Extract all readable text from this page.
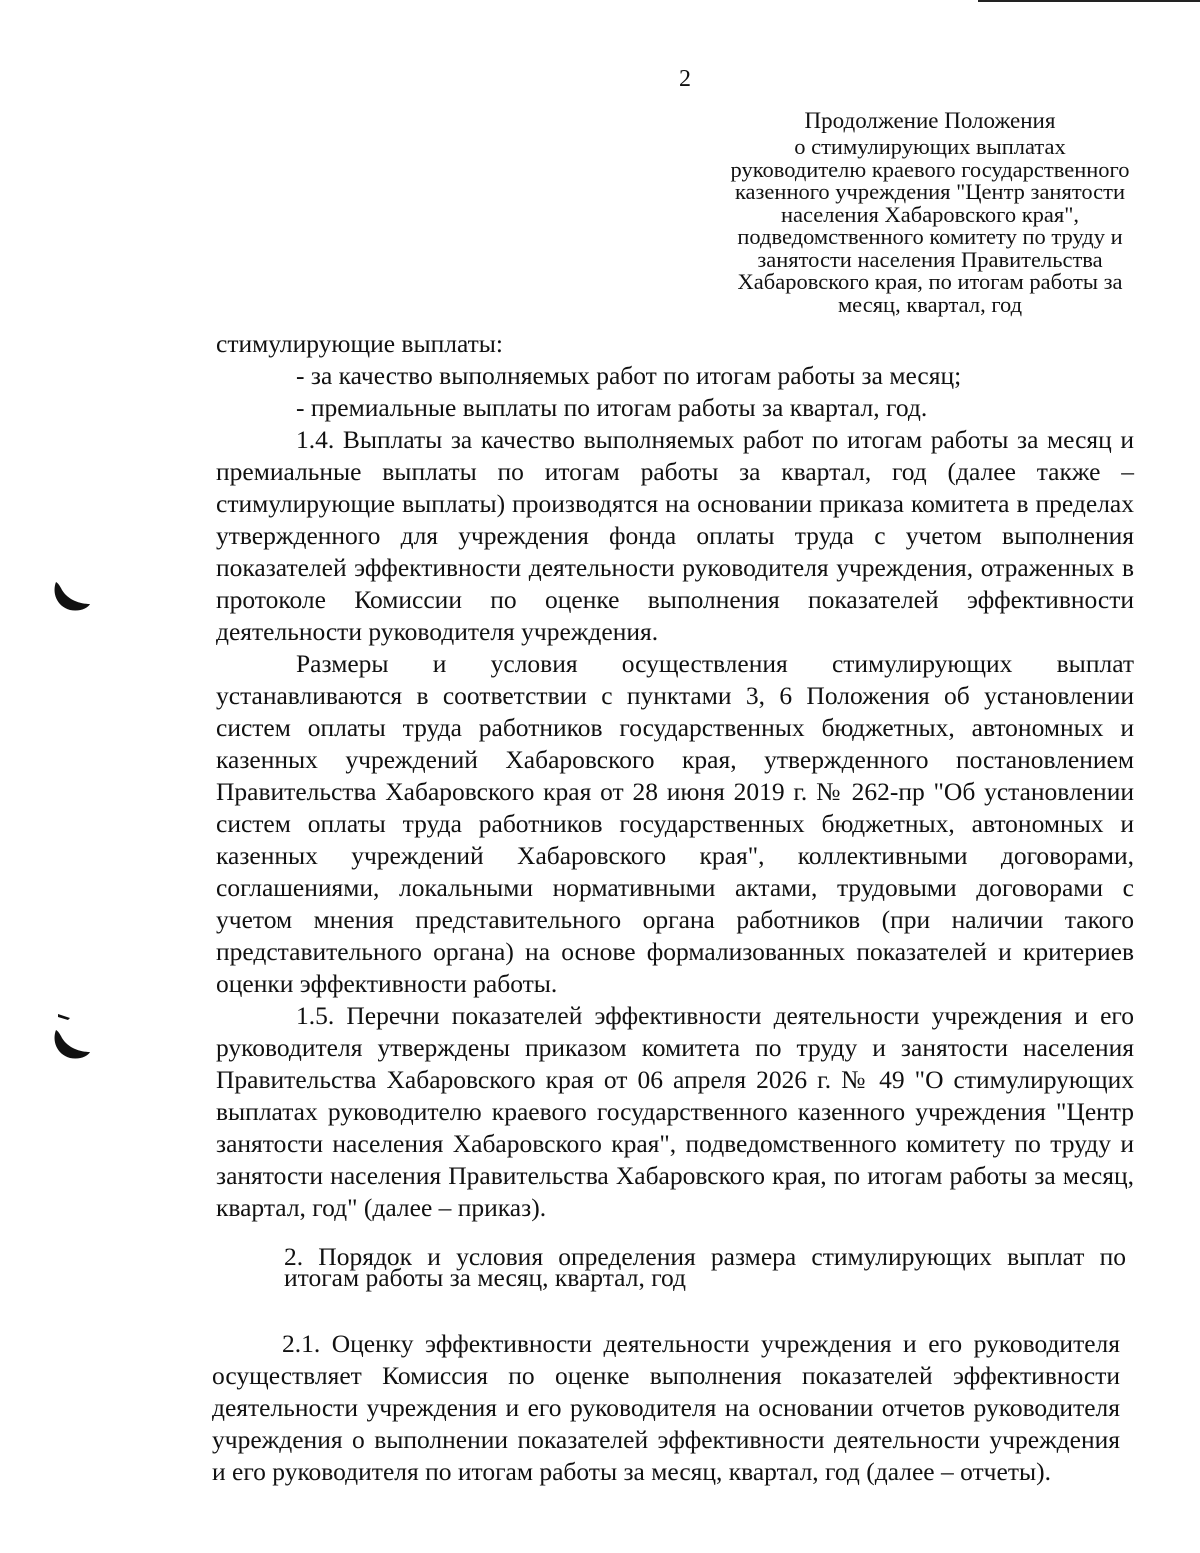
2
Продолжение Положения
о стимулирующих выплатах
руководителю краевого государственного
казенного учреждения "Центр занятости
населения Хабаровского края",
подведомственного комитету по труду и
занятости населения Правительства
Хабаровского края, по итогам работы за
месяц, квартал, год

стимулирующие выплаты:

- за качество выполняемых работ по итогам работы за месяц;

- премиальные выплаты по итогам работы за квартал, год.

1.4. Выплаты за качество выполняемых работ по итогам работы за месяц и премиальные выплаты по итогам работы за квартал, год (далее также – стимулирующие выплаты) производятся на основании приказа комитета в пределах утвержденного для учреждения фонда оплаты труда с учетом выполнения показателей эффективности деятельности руководителя учреждения, отраженных в протоколе Комиссии по оценке выполнения показателей эффективности деятельности руководителя учреждения.

Размеры и условия осуществления стимулирующих выплат устанавливаются в соответствии с пунктами 3, 6 Положения об установлении систем оплаты труда работников государственных бюджетных, автономных и казенных учреждений Хабаровского края, утвержденного постановлением Правительства Хабаровского края от 28 июня 2019 г. № 262-пр "Об установлении систем оплаты труда работников государственных бюджетных, автономных и казенных учреждений Хабаровского края", коллективными договорами, соглашениями, локальными нормативными актами, трудовыми договорами с учетом мнения представительного органа работников (при наличии такого представительного органа) на основе формализованных показателей и критериев оценки эффективности работы.

1.5. Перечни показателей эффективности деятельности учреждения и его руководителя утверждены приказом комитета по труду и занятости населения Правительства Хабаровского края от 06 апреля 2026 г. № 49 "О стимулирующих выплатах руководителю краевого государственного казенного учреждения "Центр занятости населения Хабаровского края", подведомственного комитету по труду и занятости населения Правительства Хабаровского края, по итогам работы за месяц, квартал, год" (далее – приказ).

2. Порядок и условия определения размера стимулирующих выплат по итогам работы за месяц, квартал, год

2.1. Оценку эффективности деятельности учреждения и его руководителя осуществляет Комиссия по оценке выполнения показателей эффективности деятельности учреждения и его руководителя на основании отчетов руководителя учреждения о выполнении показателей эффективности деятельности учреждения и его руководителя по итогам работы за месяц, квартал, год (далее – отчеты).
